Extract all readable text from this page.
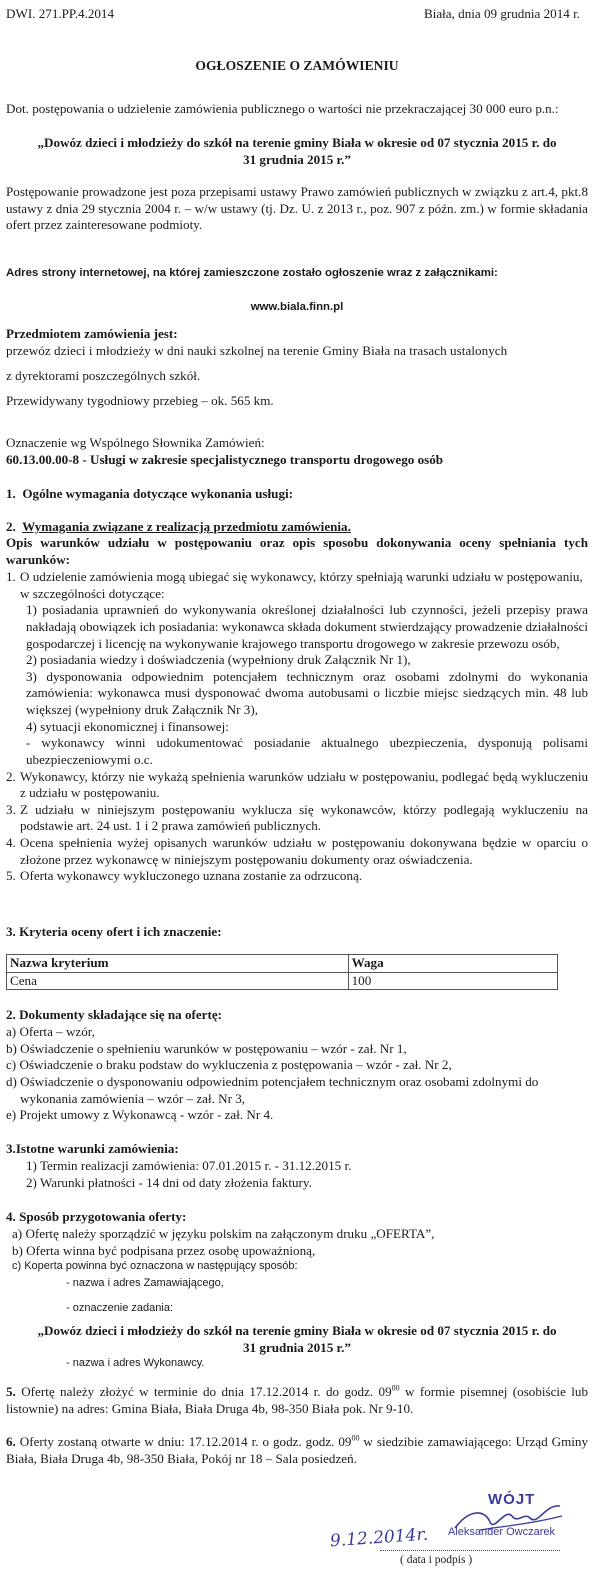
DWI. 271.PP.4.2014	Biała, dnia 09 grudnia 2014 r.
OGŁOSZENIE O ZAMÓWIENIU
Dot. postępowania o udzielenie zamówienia publicznego o wartości nie przekraczającej 30 000 euro p.n.:
„Dowóz dzieci i młodzieży do szkół na terenie gminy Biała w okresie od 07 stycznia 2015 r. do 31 grudnia 2015 r.”
Postępowanie prowadzone jest poza przepisami ustawy Prawo zamówień publicznych w związku z art.4, pkt.8 ustawy z dnia 29 stycznia 2004 r. – w/w ustawy (tj. Dz. U. z 2013 r., poz. 907 z późn. zm.) w formie składania ofert przez zainteresowane podmioty.
Adres strony internetowej, na której zamieszczone zostało ogłoszenie wraz z załącznikami:
www.biala.finn.pl
Przedmiotem zamówienia jest:
przewóz dzieci i młodzieży w dni nauki szkolnej na terenie Gminy Biała na trasach ustalonych
z dyrektorami poszczególnych szkół.
Przewidywany tygodniowy przebieg – ok. 565 km.
Oznaczenie wg Wspólnego Słownika Zamówień:
60.13.00.00-8 - Usługi w zakresie specjalistycznego transportu drogowego osób
1. Ogólne wymagania dotyczące wykonania usługi:
2. Wymagania związane z realizacją przedmiotu zamówienia.
Opis warunków udziału w postępowaniu oraz opis sposobu dokonywania oceny spełniania tych warunków:
1. O udzielenie zamówienia mogą ubiegać się wykonawcy, którzy spełniają warunki udziału w postępowaniu, w szczególności dotyczące:
1) posiadania uprawnień do wykonywania określonej działalności lub czynności, jeżeli przepisy prawa nakładają obowiązek ich posiadania: wykonawca składa dokument stwierdzający prowadzenie działalności gospodarczej i licencję na wykonywanie krajowego transportu drogowego w zakresie przewozu osób,
2) posiadania wiedzy i doświadczenia (wypełniony druk Załącznik Nr 1),
3) dysponowania odpowiednim potencjałem technicznym oraz osobami zdolnymi do wykonania zamówienia: wykonawca musi dysponować dwoma autobusami o liczbie miejsc siedzących min. 48 lub większej (wypełniony druk Załącznik Nr 3),
4) sytuacji ekonomicznej i finansowej:
- wykonawcy winni udokumentować posiadanie aktualnego ubezpieczenia, dysponują polisami ubezpieczeniowymi o.c.
2. Wykonawcy, którzy nie wykażą spełnienia warunków udziału w postępowaniu, podlegać będą wykluczeniu z udziału w postępowaniu.
3. Z udziału w niniejszym postępowaniu wyklucza się wykonawców, którzy podlegają wykluczeniu na podstawie art. 24 ust. 1 i 2 prawa zamówień publicznych.
4. Ocena spełnienia wyżej opisanych warunków udziału w postępowaniu dokonywana będzie w oparciu o złożone przez wykonawcę w niniejszym postępowaniu dokumenty oraz oświadczenia.
5. Oferta wykonawcy wykluczonego uznana zostanie za odrzuconą.
3. Kryteria oceny ofert i ich znaczenie:
Nazwa kryterium	Waga
Cena	100
2. Dokumenty składające się na ofertę:
a) Oferta – wzór,
b) Oświadczenie o spełnieniu warunków w postępowaniu – wzór - zał. Nr 1,
c) Oświadczenie o braku podstaw do wykluczenia z postępowania – wzór - zał. Nr 2,
d) Oświadczenie o dysponowaniu odpowiednim potencjałem technicznym oraz osobami zdolnymi do wykonania zamówienia – wzór – zał. Nr 3,
e) Projekt umowy z Wykonawcą - wzór - zał. Nr 4.
3.Istotne warunki zamówienia:
1) Termin realizacji zamówienia: 07.01.2015 r. - 31.12.2015 r.
2) Warunki płatności - 14 dni od daty złożenia faktury.
4. Sposób przygotowania oferty:
a) Ofertę należy sporządzić w języku polskim na załączonym druku „OFERTA”,
b) Oferta winna być podpisana przez osobę upoważnioną,
c) Koperta powinna być oznaczona w następujący sposób:
- nazwa i adres Zamawiającego,
- oznaczenie zadania:
„Dowóz dzieci i młodzieży do szkół na terenie gminy Biała w okresie od 07 stycznia 2015 r. do 31 grudnia 2015 r.”
- nazwa i adres Wykonawcy.
5. Ofertę należy złożyć w terminie do dnia 17.12.2014 r. do godz. $09^{00}$ w formie pisemnej (osobiście lub listownie) na adres: Gmina Biała, Biała Druga 4b, 98-350 Biała pok. Nr 9-10.
6. Oferty zostaną otwarte w dniu: 17.12.2014 r. o godz. godz. $09^{00}$ w siedzibie zamawiającego: Urząd Gminy Biała, Biała Druga 4b, 98-350 Biała, Pokój nr 18 – Sala posiedzeń.
WÓJT
Aleksander Owczarek
9.12.2014r.
( data i podpis )
